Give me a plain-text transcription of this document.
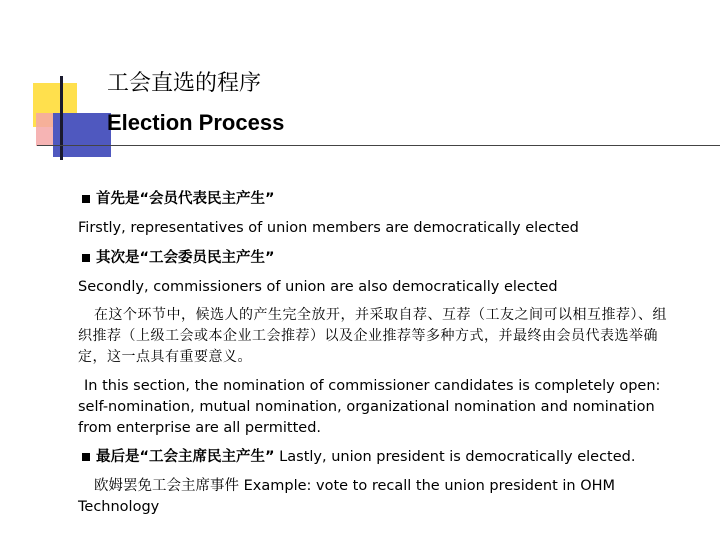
工会直选的程序
Election Process
首先是“会员代表民主产生”
Firstly, representatives of union members are democratically elected
其次是“工会委员民主产生”
Secondly, commissioners of union are also democratically elected
在这个环节中，候选人的产生完全放开，并采取自荐、互荐（工友之间可以相互推荐）、组织推荐（上级工会或本企业工会推荐）以及企业推荐等多种方式，并最终由会员代表选举确定，这一点具有重要意义。
In this section, the nomination of commissioner candidates is completely open: self-nomination, mutual nomination, organizational nomination and nomination from enterprise are all permitted.
最后是“工会主席民主产生” Lastly, union president is democratically elected.
欧姆罢免工会主席事件 Example: vote to recall the union president in OHM Technology
